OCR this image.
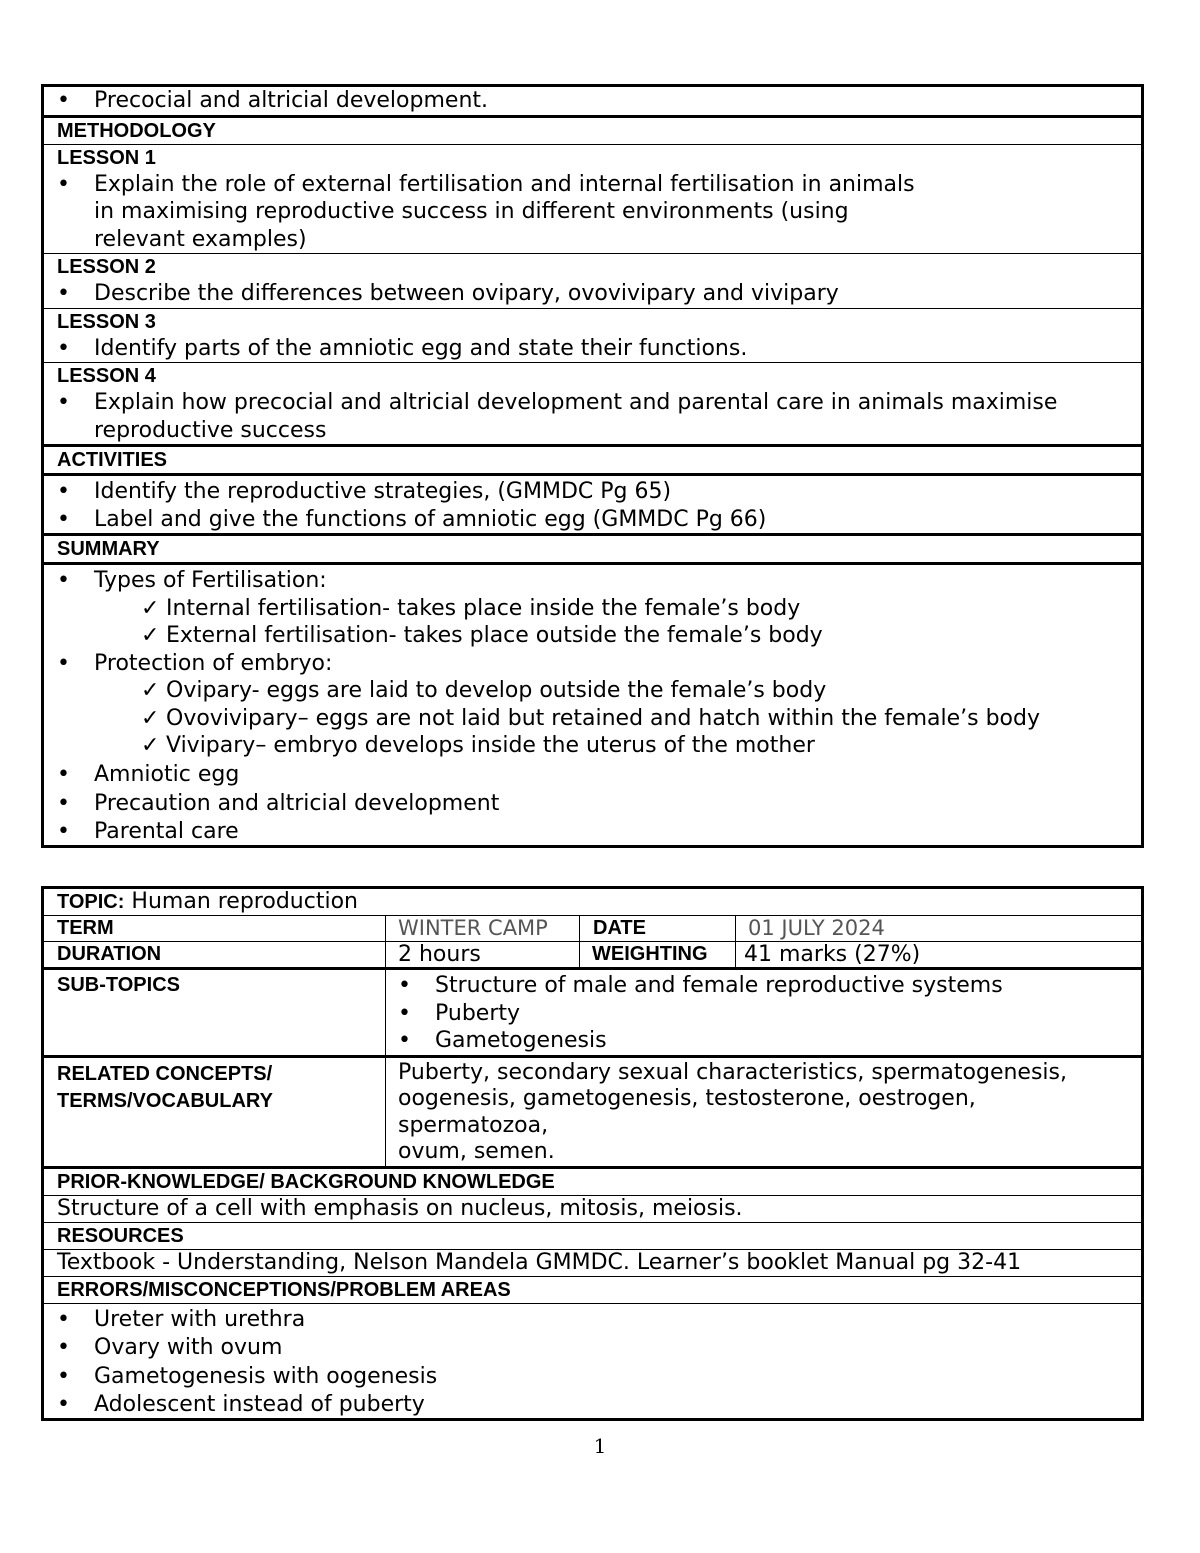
• Precocial and altricial development.
METHODOLOGY
LESSON 1
• Explain the role of external fertilisation and internal fertilisation in animals
in maximising reproductive success in different environments (using
relevant examples)
LESSON 2
• Describe the differences between ovipary, ovovivipary and vivipary
LESSON 3
• Identify parts of the amniotic egg and state their functions.
LESSON 4
• Explain how precocial and altricial development and parental care in animals maximise
reproductive success
ACTIVITIES
• Identify the reproductive strategies, (GMMDC Pg 65)
• Label and give the functions of amniotic egg (GMMDC Pg 66)
SUMMARY
• Types of Fertilisation:
✓ Internal fertilisation- takes place inside the female’s body
✓ External fertilisation- takes place outside the female’s body
• Protection of embryo:
✓ Ovipary- eggs are laid to develop outside the female’s body
✓ Ovovivipary– eggs are not laid but retained and hatch within the female’s body
✓ Vivipary– embryo develops inside the uterus of the mother
• Amniotic egg
• Precaution and altricial development
• Parental care
TOPIC: Human reproduction
TERM	WINTER CAMP	DATE	01 JULY 2024
DURATION	2 hours	WEIGHTING	41 marks (27%)
SUB-TOPICS
•	Structure of male and female reproductive systems
• Puberty
• Gametogenesis
RELATED CONCEPTS/
TERMS/VOCABULARY
Puberty, secondary sexual characteristics, spermatogenesis,
oogenesis, gametogenesis, testosterone, oestrogen,
spermatozoa,
ovum, semen.
PRIOR-KNOWLEDGE/ BACKGROUND KNOWLEDGE
Structure of a cell with emphasis on nucleus, mitosis, meiosis.
RESOURCES
Textbook - Understanding, Nelson Mandela GMMDC. Learner’s booklet Manual pg 32-41
ERRORS/MISCONCEPTIONS/PROBLEM AREAS
• Ureter with urethra
• Ovary with ovum
• Gametogenesis with oogenesis
• Adolescent instead of puberty
1
